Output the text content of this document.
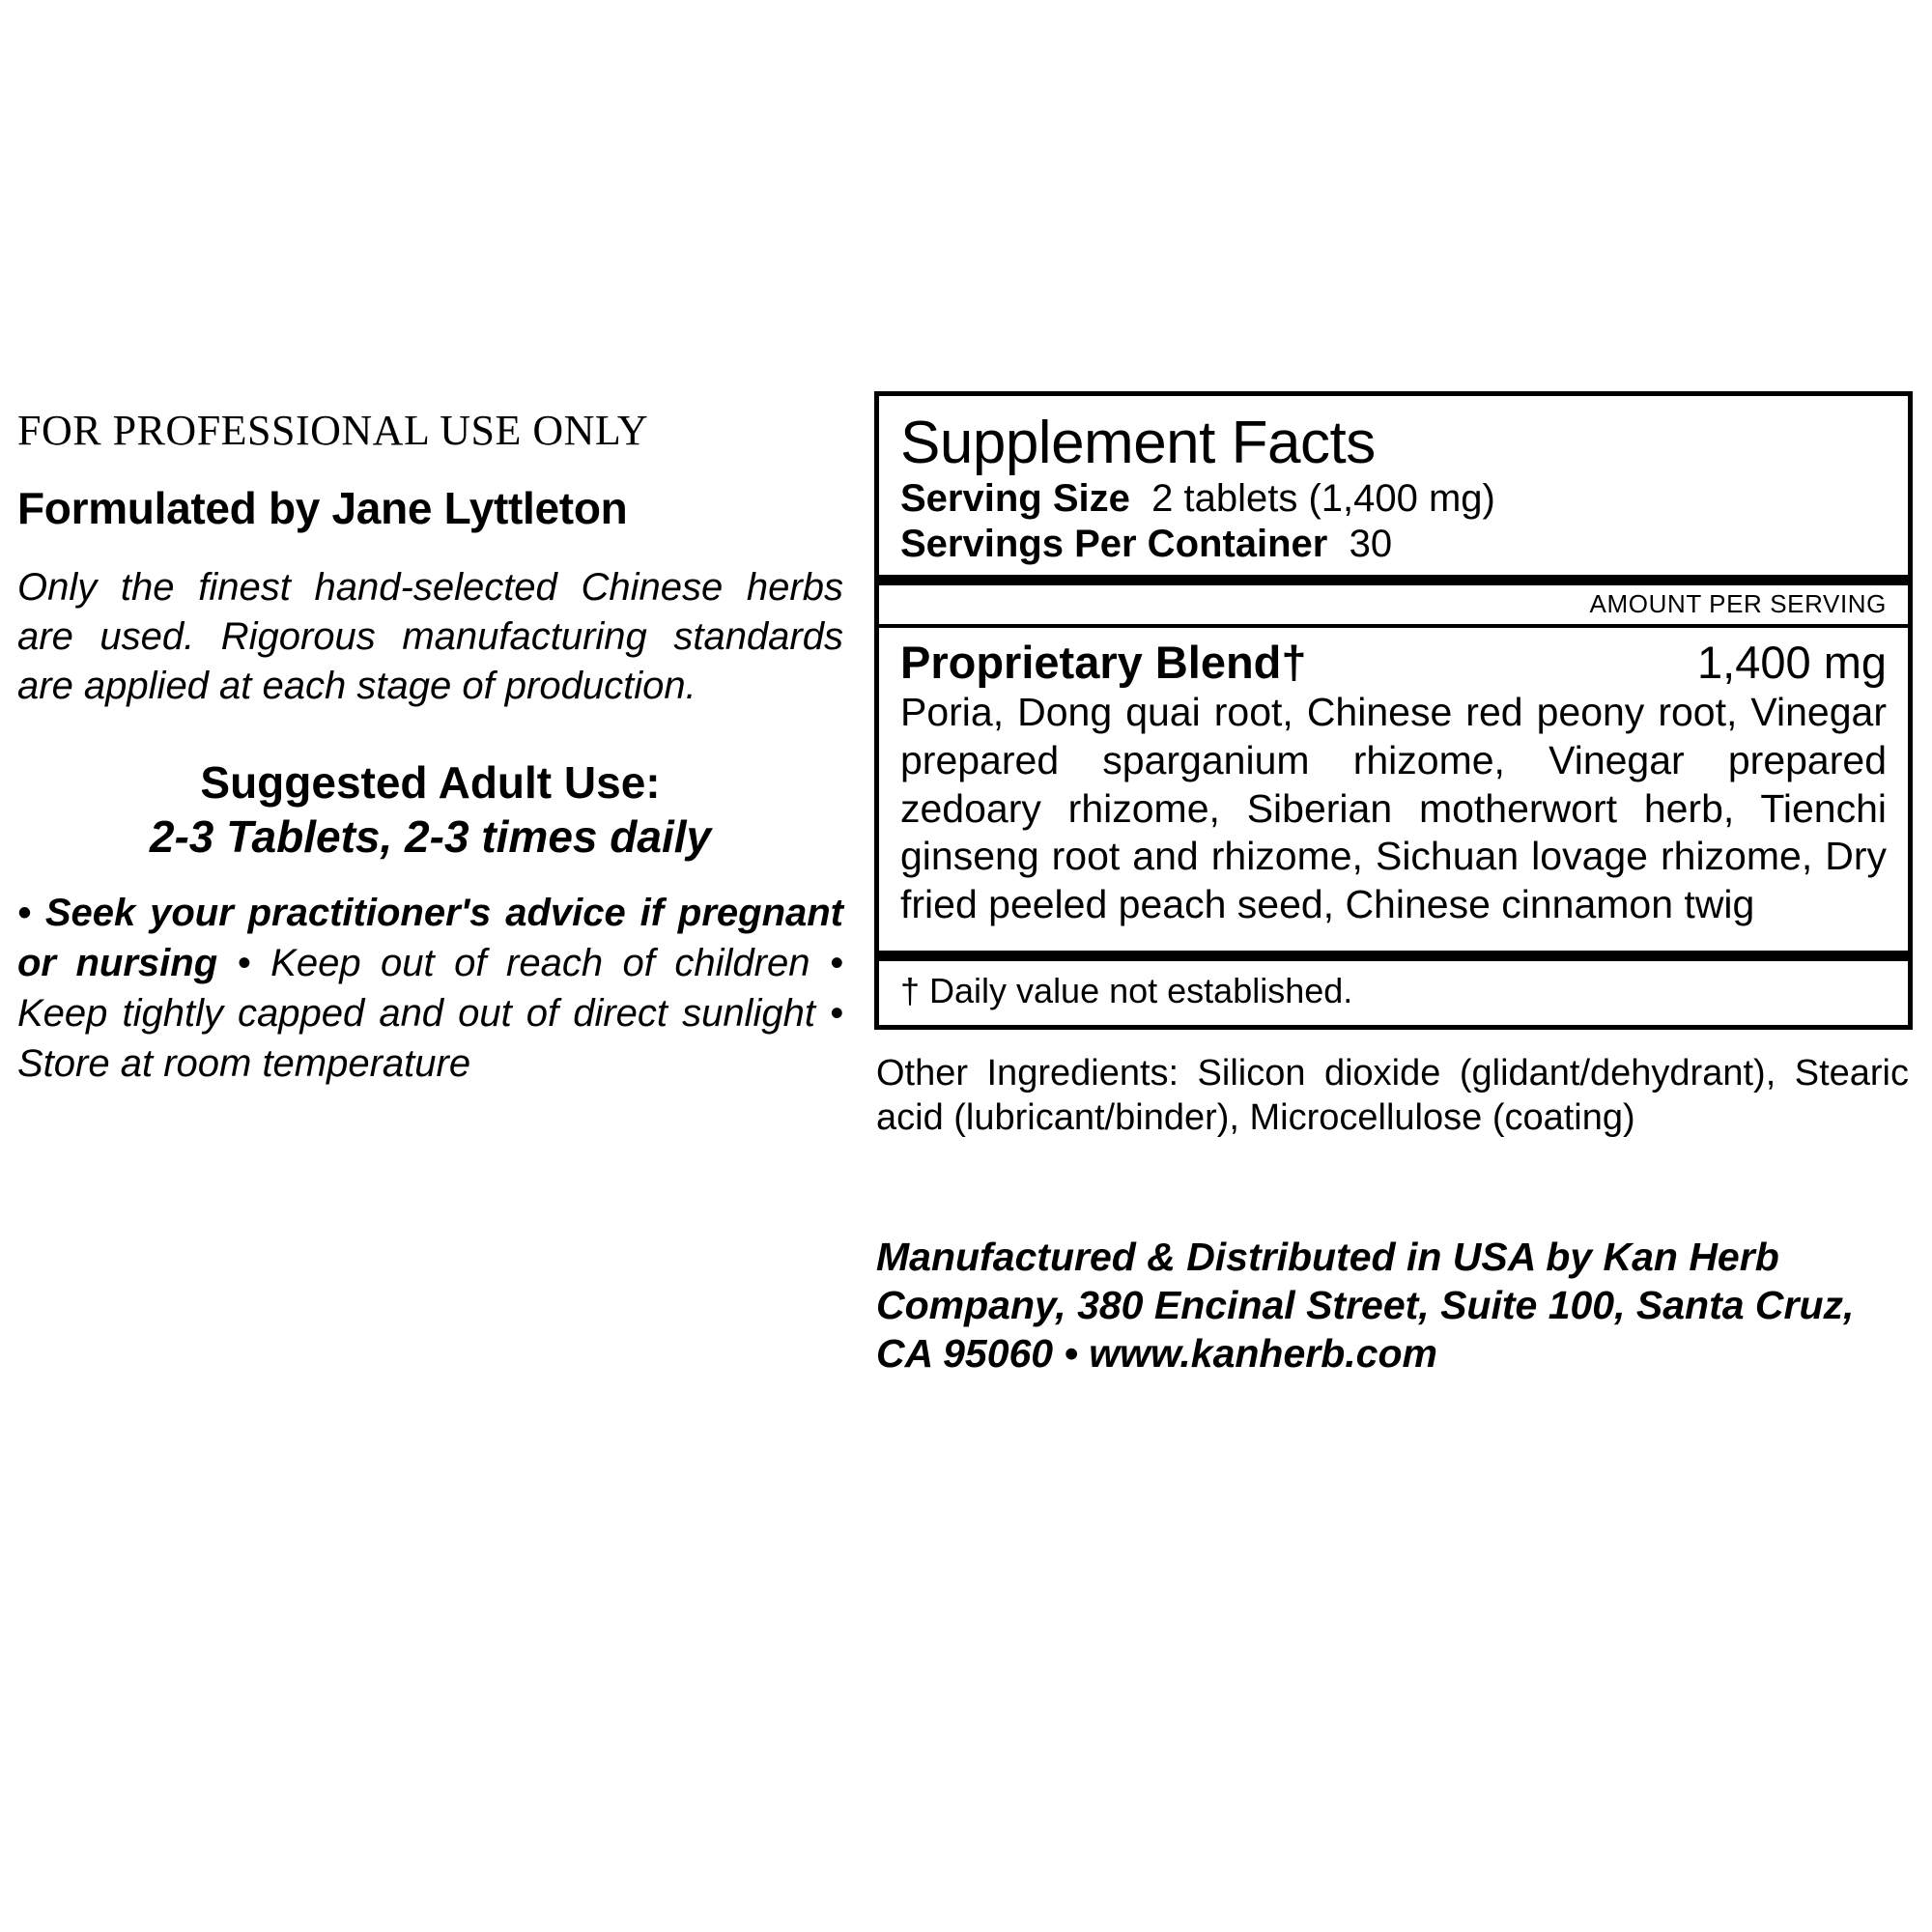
FOR PROFESSIONAL USE ONLY
Formulated by Jane Lyttleton

Only the finest hand-selected Chinese herbs are used. Rigorous manufacturing standards are applied at each stage of production.

Suggested Adult Use:
2-3 Tablets, 2-3 times daily

• Seek your practitioner's advice if pregnant or nursing • Keep out of reach of children • Keep tightly capped and out of direct sunlight • Store at room temperature

Supplement Facts
Serving Size 2 tablets (1,400 mg)
Servings Per Container 30
AMOUNT PER SERVING
Proprietary Blend†	1,400 mg
Poria, Dong quai root, Chinese red peony root, Vinegar prepared sparganium rhizome, Vinegar prepared zedoary rhizome, Siberian motherwort herb, Tienchi ginseng root and rhizome, Sichuan lovage rhizome, Dry fried peeled peach seed, Chinese cinnamon twig
† Daily value not established.

Other Ingredients: Silicon dioxide (glidant/dehydrant), Stearic acid (lubricant/binder), Microcellulose (coating)

Manufactured & Distributed in USA by Kan Herb Company, 380 Encinal Street, Suite 100, Santa Cruz, CA 95060 • www.kanherb.com
